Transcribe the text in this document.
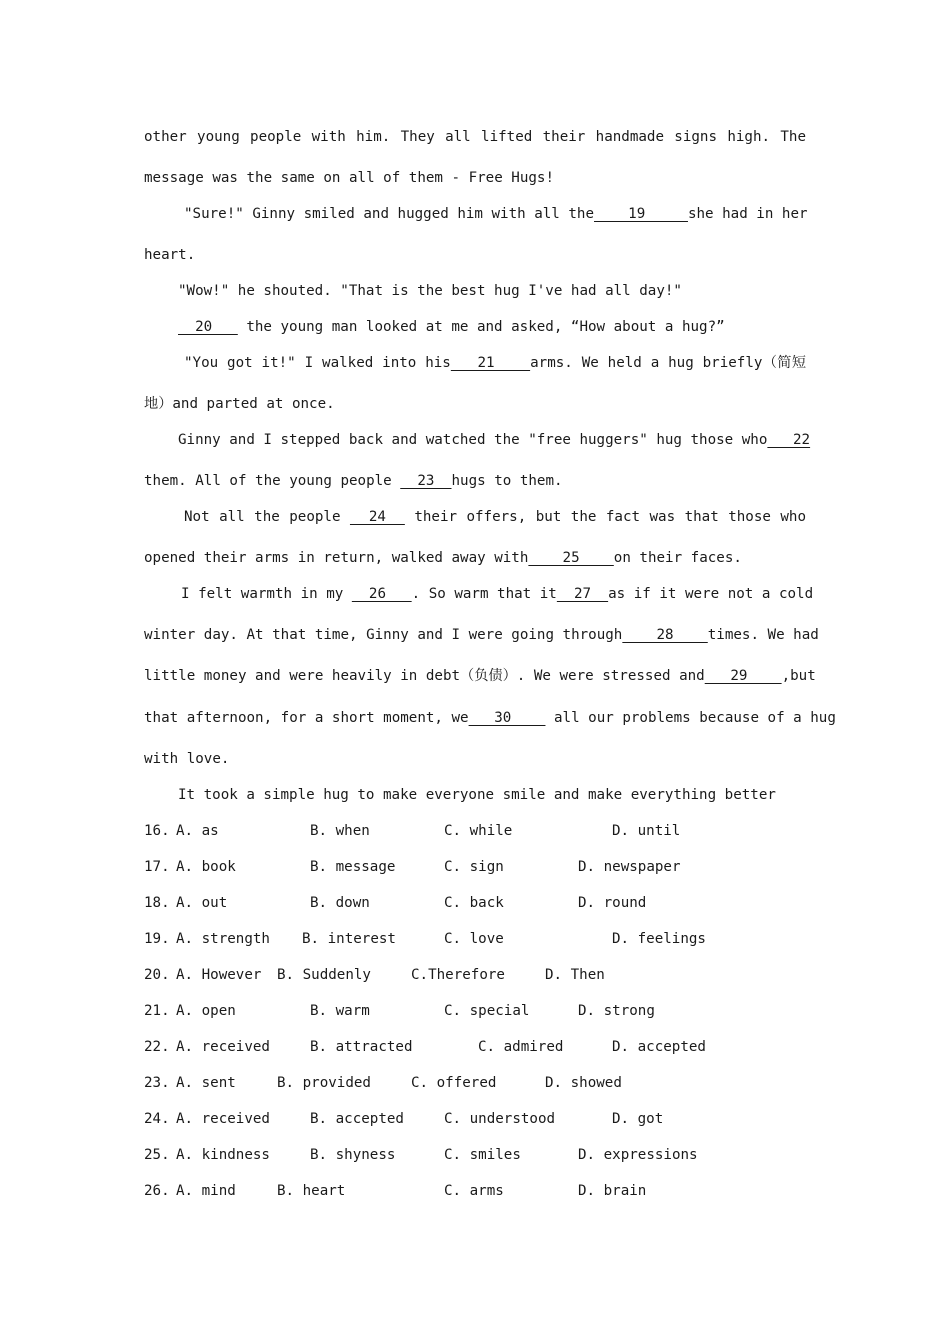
other young people with him. They all lifted their handmade signs high. The

message was the same on all of them - Free Hugs!

"Sure!" Ginny smiled and hugged him with all the    19     she had in her

heart.

"Wow!" he shouted. "That is the best hug I've had all day!"

20    the young man looked at me and asked, “How about a hug?”

"You got it!" I walked into his   21    arms. We held a hug briefly（简短

地）and parted at once.

Ginny and I stepped back and watched the "free huggers" hug those who   22

them. All of the young people   23  hugs to them.

Not all the people   24   their offers, but the fact was that those who

opened their arms in return, walked away with    25    on their faces.

I felt warmth in my   26   . So warm that it  27  as if it were not a cold

winter day. At that time, Ginny and I were going through    28    times. We had

little money and were heavily in debt（负债）. We were stressed and   29    ,but

that afternoon, for a short moment, we   30     all our problems because of a hug

with love.

It took a simple hug to make everyone smile and make everything better

16. A. as	B. when	C. while	D. until
17. A. book	B. message	C. sign	D. newspaper
18. A. out	B. down	C. back	D. round
19. A. strength B. interest	C. love	D. feelings
20. A. However B. Suddenly	C.Therefore	D. Then
21. A. open	B. warm	C. special	D. strong
22. A. received	B. attracted	C. admired	D. accepted
23. A. sent	B. provided	C. offered	D. showed
24. A. received	B. accepted	C. understood	D. got
25. A. kindness	B. shyness	C. smiles	D. expressions
26. A. mind	B. heart	C. arms	D. brain
